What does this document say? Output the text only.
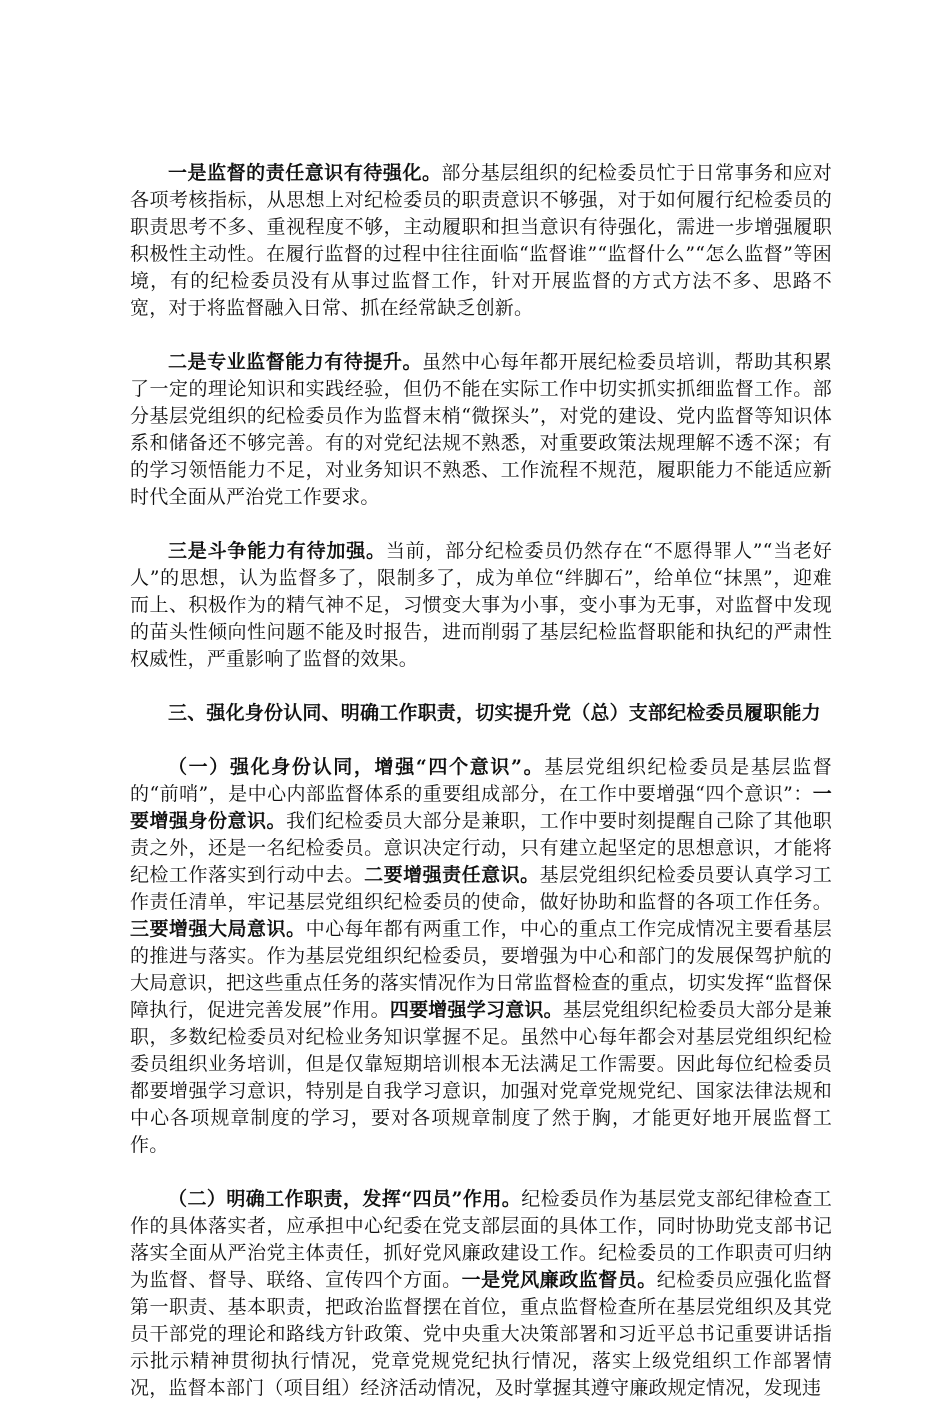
一是监督的责任意识有待强化。部分基层组织的纪检委员忙于日常事务和应对各项考核指标，从思想上对纪检委员的职责意识不够强，对于如何履行纪检委员的职责思考不多、重视程度不够，主动履职和担当意识有待强化，需进一步增强履职积极性主动性。在履行监督的过程中往往面临“监督谁”“监督什么”“怎么监督”等困境，有的纪检委员没有从事过监督工作，针对开展监督的方式方法不多、思路不宽，对于将监督融入日常、抓在经常缺乏创新。

二是专业监督能力有待提升。虽然中心每年都开展纪检委员培训，帮助其积累了一定的理论知识和实践经验，但仍不能在实际工作中切实抓实抓细监督工作。部分基层党组织的纪检委员作为监督末梢“微探头”，对党的建设、党内监督等知识体系和储备还不够完善。有的对党纪法规不熟悉，对重要政策法规理解不透不深；有的学习领悟能力不足，对业务知识不熟悉、工作流程不规范，履职能力不能适应新时代全面从严治党工作要求。

三是斗争能力有待加强。当前，部分纪检委员仍然存在“不愿得罪人”“当老好人”的思想，认为监督多了，限制多了，成为单位“绊脚石”，给单位“抹黑”，迎难而上、积极作为的精气神不足，习惯变大事为小事，变小事为无事，对监督中发现的苗头性倾向性问题不能及时报告，进而削弱了基层纪检监督职能和执纪的严肃性权威性，严重影响了监督的效果。

三、强化身份认同、明确工作职责，切实提升党（总）支部纪检委员履职能力

（一）强化身份认同，增强“四个意识”。基层党组织纪检委员是基层监督的“前哨”，是中心内部监督体系的重要组成部分，在工作中要增强“四个意识”：一要增强身份意识。我们纪检委员大部分是兼职，工作中要时刻提醒自己除了其他职责之外，还是一名纪检委员。意识决定行动，只有建立起坚定的思想意识，才能将纪检工作落实到行动中去。二要增强责任意识。基层党组织纪检委员要认真学习工作责任清单，牢记基层党组织纪检委员的使命，做好协助和监督的各项工作任务。三要增强大局意识。中心每年都有两重工作，中心的重点工作完成情况主要看基层的推进与落实。作为基层党组织纪检委员，要增强为中心和部门的发展保驾护航的大局意识，把这些重点任务的落实情况作为日常监督检查的重点，切实发挥“监督保障执行，促进完善发展”作用。四要增强学习意识。基层党组织纪检委员大部分是兼职，多数纪检委员对纪检业务知识掌握不足。虽然中心每年都会对基层党组织纪检委员组织业务培训，但是仅靠短期培训根本无法满足工作需要。因此每位纪检委员都要增强学习意识，特别是自我学习意识，加强对党章党规党纪、国家法律法规和中心各项规章制度的学习，要对各项规章制度了然于胸，才能更好地开展监督工作。

（二）明确工作职责，发挥“四员”作用。纪检委员作为基层党支部纪律检查工作的具体落实者，应承担中心纪委在党支部层面的具体工作，同时协助党支部书记落实全面从严治党主体责任，抓好党风廉政建设工作。纪检委员的工作职责可归纳为监督、督导、联络、宣传四个方面。一是党风廉政监督员。纪检委员应强化监督第一职责、基本职责，把政治监督摆在首位，重点监督检查所在基层党组织及其党员干部党的理论和路线方针政策、党中央重大决策部署和习近平总书记重要讲话指示批示精神贯彻执行情况，党章党规党纪执行情况，落实上级党组织工作部署情况，监督本部门（项目组）经济活动情况，及时掌握其遵守廉政规定情况，发现违
